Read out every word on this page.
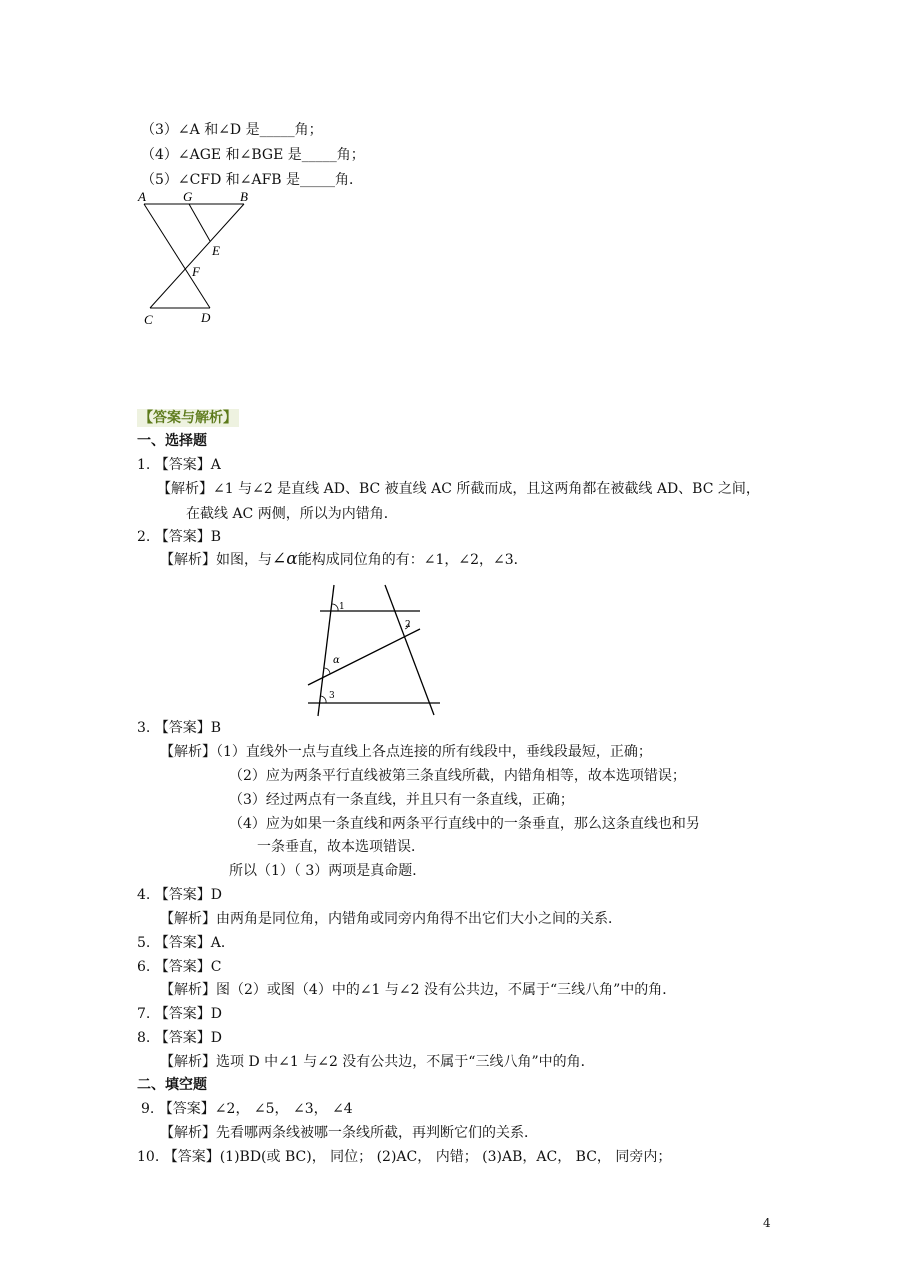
（3）∠A 和∠D 是_____角；
（4）∠AGE 和∠BGE 是_____角；
（5）∠CFD 和∠AFB 是_____角．
A	G	B
E
F
C	D
【答案与解析】
一、选择题
1. 【答案】A
【解析】∠1 与∠2 是直线 AD、BC 被直线 AC 所截而成，且这两角都在被截线 AD、BC 之间，
在截线 AC 两侧，所以为内错角．
2. 【答案】B
【解析】如图，与∠α能构成同位角的有：∠1，∠2，∠3．
1
2
α
3
3. 【答案】B
【解析】（1）直线外一点与直线上各点连接的所有线段中，垂线段最短，正确；
（2）应为两条平行直线被第三条直线所截，内错角相等，故本选项错误；
（3）经过两点有一条直线，并且只有一条直线，正确；
（4）应为如果一条直线和两条平行直线中的一条垂直，那么这条直线也和另
一条垂直，故本选项错误．
所以（1）（ 3）两项是真命题．
4. 【答案】D
【解析】由两角是同位角，内错角或同旁内角得不出它们大小之间的关系．
5. 【答案】A．
6. 【答案】C
【解析】图（2）或图（4）中的∠1 与∠2 没有公共边，不属于“三线八角”中的角．
7. 【答案】D
8. 【答案】D
【解析】选项 D 中∠1 与∠2 没有公共边，不属于“三线八角”中的角．
二、填空题
9. 【答案】∠2， ∠5， ∠3， ∠4
【解析】先看哪两条线被哪一条线所截，再判断它们的关系．
10. 【答案】(1)BD(或 BC)， 同位； (2)AC， 内错； (3)AB，AC， BC， 同旁内；
4
